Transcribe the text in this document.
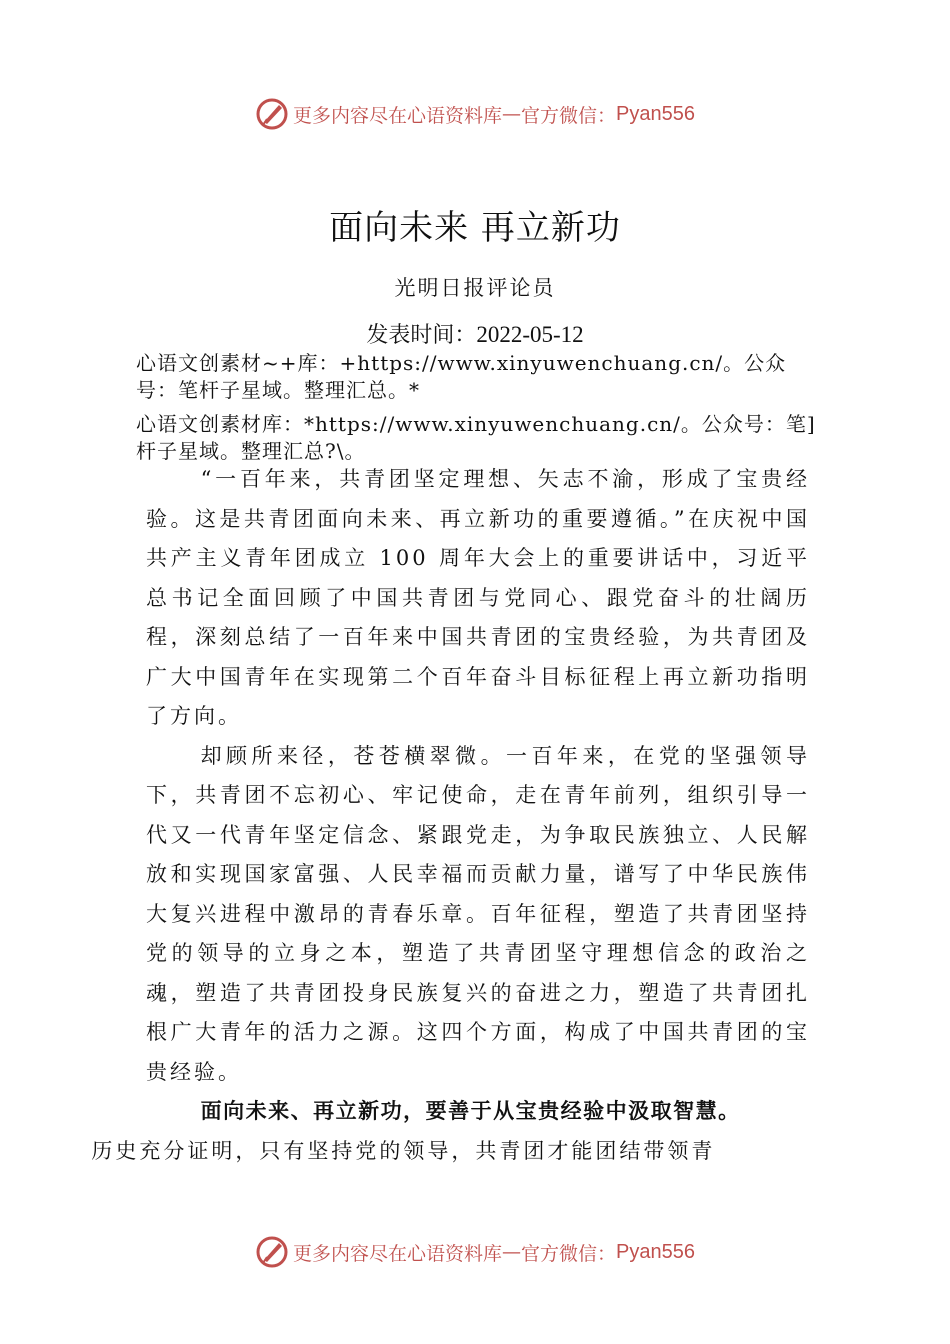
更多内容尽在心语资料库 — 官方微信： Pyan556
面向未来 再立新功
光明日报评论员
发表时间：2022-05-12
心语文创素材~+库：+https://www.xinyuwenchuang.cn/。公众号：笔杆子星域。整理汇总。*
心语文创素材库：*https://www.xinyuwenchuang.cn/。公众号：笔]杆子星域。整理汇总?\。

“一百年来，共青团坚定理想、矢志不渝，形成了宝贵经验。这是共青团面向未来、再立新功的重要遵循。”在庆祝中国共产主义青年团成立 100 周年大会上的重要讲话中，习近平总书记全面回顾了中国共青团与党同心、跟党奋斗的壮阔历程，深刻总结了一百年来中国共青团的宝贵经验，为共青团及广大中国青年在实现第二个百年奋斗目标征程上再立新功指明了方向。

却顾所来径，苍苍横翠微。一百年来，在党的坚强领导下，共青团不忘初心、牢记使命，走在青年前列，组织引导一代又一代青年坚定信念、紧跟党走，为争取民族独立、人民解放和实现国家富强、人民幸福而贡献力量，谱写了中华民族伟大复兴进程中激昂的青春乐章。百年征程，塑造了共青团坚持党的领导的立身之本，塑造了共青团坚守理想信念的政治之魂，塑造了共青团投身民族复兴的奋进之力，塑造了共青团扎根广大青年的活力之源。这四个方面，构成了中国共青团的宝贵经验。

面向未来、再立新功，要善于从宝贵经验中汲取智慧。
历史充分证明，只有坚持党的领导，共青团才能团结带领青

更多内容尽在心语资料库 — 官方微信： Pyan556
